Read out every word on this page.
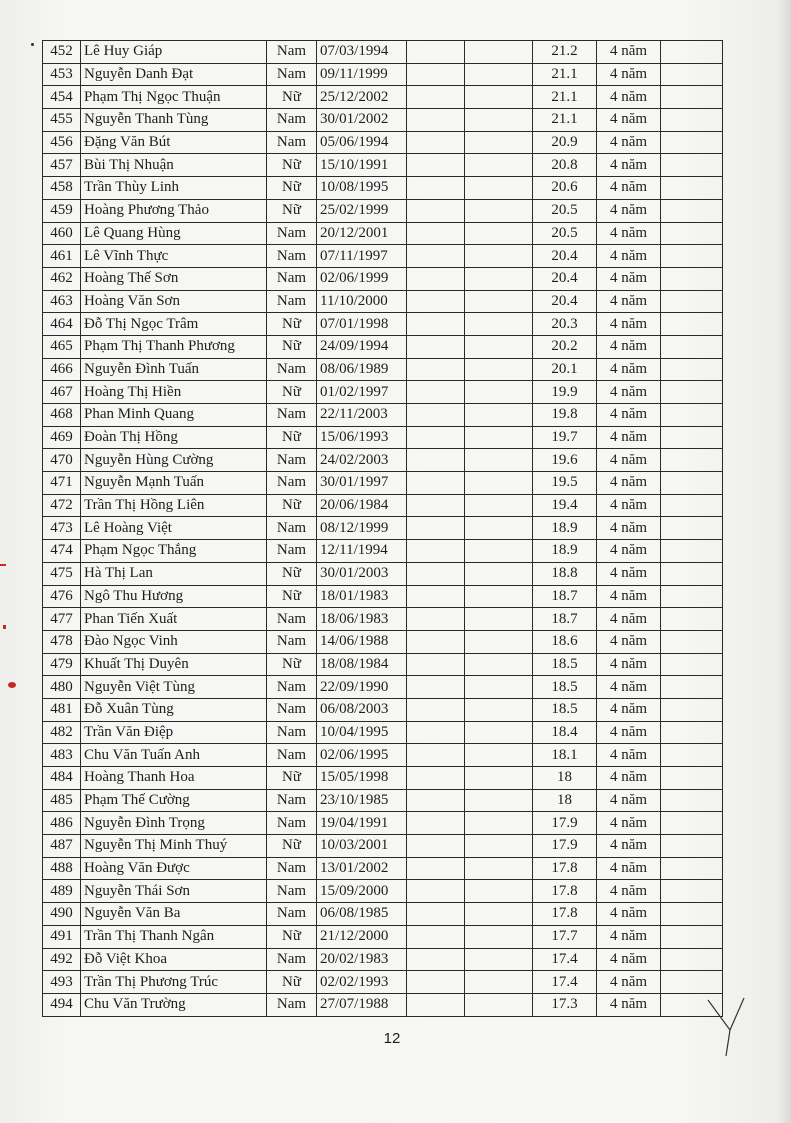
452	Lê Huy Giáp	Nam	07/03/1994			21.2	4 năm	
453	Nguyễn Danh Đạt	Nam	09/11/1999			21.1	4 năm	
454	Phạm Thị Ngọc Thuận	Nữ	25/12/2002			21.1	4 năm	
455	Nguyễn Thanh Tùng	Nam	30/01/2002			21.1	4 năm	
456	Đặng Văn Bút	Nam	05/06/1994			20.9	4 năm	
457	Bùi Thị Nhuận	Nữ	15/10/1991			20.8	4 năm	
458	Trần Thùy Linh	Nữ	10/08/1995			20.6	4 năm	
459	Hoàng Phương Thảo	Nữ	25/02/1999			20.5	4 năm	
460	Lê Quang Hùng	Nam	20/12/2001			20.5	4 năm	
461	Lê Vĩnh Thực	Nam	07/11/1997			20.4	4 năm	
462	Hoàng Thế Sơn	Nam	02/06/1999			20.4	4 năm	
463	Hoàng Văn Sơn	Nam	11/10/2000			20.4	4 năm	
464	Đỗ Thị Ngọc Trâm	Nữ	07/01/1998			20.3	4 năm	
465	Phạm Thị Thanh Phương	Nữ	24/09/1994			20.2	4 năm	
466	Nguyễn Đình Tuấn	Nam	08/06/1989			20.1	4 năm	
467	Hoàng Thị Hiền	Nữ	01/02/1997			19.9	4 năm	
468	Phan Minh Quang	Nam	22/11/2003			19.8	4 năm	
469	Đoàn Thị Hồng	Nữ	15/06/1993			19.7	4 năm	
470	Nguyễn Hùng Cường	Nam	24/02/2003			19.6	4 năm	
471	Nguyễn Mạnh Tuấn	Nam	30/01/1997			19.5	4 năm	
472	Trần Thị Hồng Liên	Nữ	20/06/1984			19.4	4 năm	
473	Lê Hoàng Việt	Nam	08/12/1999			18.9	4 năm	
474	Phạm Ngọc Thắng	Nam	12/11/1994			18.9	4 năm	
475	Hà Thị Lan	Nữ	30/01/2003			18.8	4 năm	
476	Ngô Thu Hương	Nữ	18/01/1983			18.7	4 năm	
477	Phan Tiến Xuất	Nam	18/06/1983			18.7	4 năm	
478	Đào Ngọc Vinh	Nam	14/06/1988			18.6	4 năm	
479	Khuất Thị Duyên	Nữ	18/08/1984			18.5	4 năm	
480	Nguyễn Việt Tùng	Nam	22/09/1990			18.5	4 năm	
481	Đỗ Xuân Tùng	Nam	06/08/2003			18.5	4 năm	
482	Trần Văn Điệp	Nam	10/04/1995			18.4	4 năm	
483	Chu Văn Tuấn Anh	Nam	02/06/1995			18.1	4 năm	
484	Hoàng Thanh Hoa	Nữ	15/05/1998			18	4 năm	
485	Phạm Thế Cường	Nam	23/10/1985			18	4 năm	
486	Nguyễn Đình Trọng	Nam	19/04/1991			17.9	4 năm	
487	Nguyễn Thị Minh Thuý	Nữ	10/03/2001			17.9	4 năm	
488	Hoàng Văn Được	Nam	13/01/2002			17.8	4 năm	
489	Nguyễn Thái Sơn	Nam	15/09/2000			17.8	4 năm	
490	Nguyễn Văn Ba	Nam	06/08/1985			17.8	4 năm	
491	Trần Thị Thanh Ngân	Nữ	21/12/2000			17.7	4 năm	
492	Đỗ Việt Khoa	Nam	20/02/1983			17.4	4 năm	
493	Trần Thị Phương Trúc	Nữ	02/02/1993			17.4	4 năm	
494	Chu Văn Trường	Nam	27/07/1988			17.3	4 năm	
12
